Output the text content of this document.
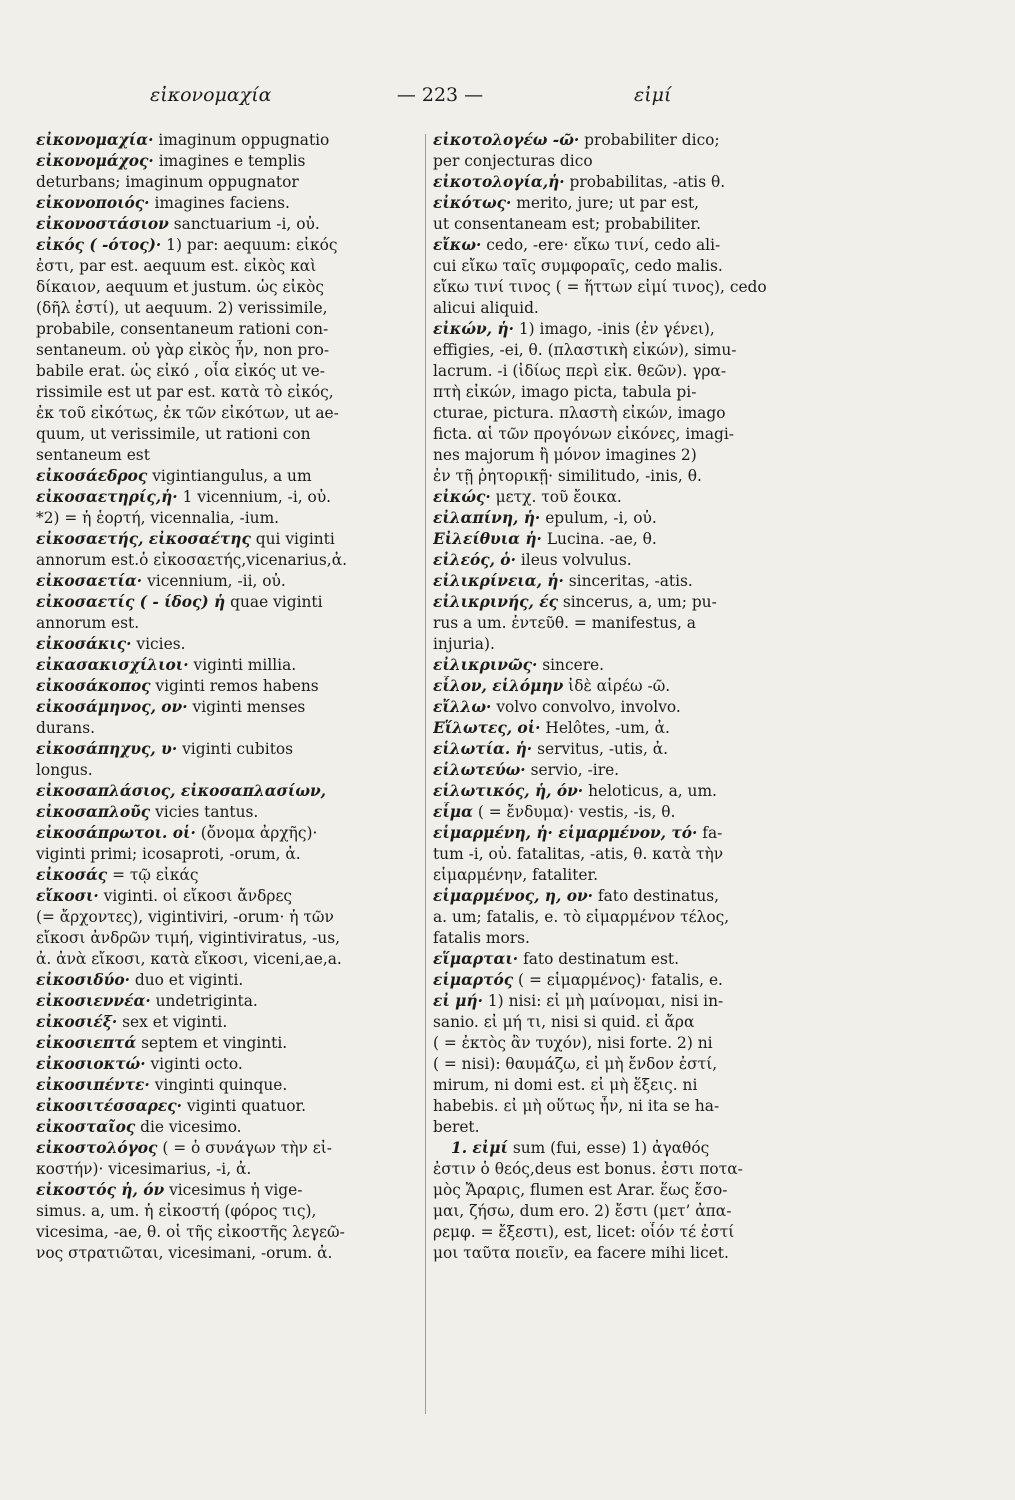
εἰκονομαχία	— 223 —	εἰμί
εἰκονομαχία· imaginum oppugnatio
εἰκονομάχος· imagines e templis
deturbans; imaginum oppugnator
εἰκονοποιός· imagines faciens.
εἰκονοστάσιον sanctuarium -i, οὐ.
εἰκός ( -ότος)· 1) par: aequum: εἰκός
ἐστι, par est. aequum est. εἰκὸς καὶ
δίκαιον, aequum et justum. ὡς εἰκὸς
(δῆλ ἐστί), ut aequum. 2) verissimile,
probabile, consentaneum rationi con-
sentaneum. οὐ γὰρ εἰκὸς ἦν, non pro-
babile erat. ὡς εἰκό , οἷα εἰκός ut ve-
rissimile est ut par est. κατὰ τὸ εἰκός,
ἐκ τοῦ εἰκότως, ἐκ τῶν εἰκότων, ut ae-
quum, ut verissimile, ut rationi con
sentaneum est
εἰκοσάεδρος vigintiangulus, a um
εἰκοσαετηρίς,ἡ· 1 vicennium, -i, οὐ.
*2) = ἡ ἑορτή, vicennalia, -ium.
εἰκοσαετής, εἰκοσαέτης qui viginti
annorum est.ὁ εἰκοσαετής,vicenarius,ἀ.
εἰκοσαετία· vicennium, -ii, οὐ.
εἰκοσαετίς ( - ίδος) ἡ quae viginti
annorum est.
εἰκοσάκις· vicies.
εἰκασακισχίλιοι· viginti millia.
εἰκοσάκοπος viginti remos habens
εἰκοσάμηνος, ον· viginti menses
durans.
εἰκοσάπηχυς, υ· viginti cubitos
longus.
εἰκοσαπλάσιος, εἰκοσαπλασίων,
εἰκοσαπλοῦς vicies tantus.
εἰκοσάπρωτοι. οἱ· (ὄνομα ἀρχῆς)·
viginti primi; icosaproti, -orum, ἀ.
εἰκοσάς = τῷ εἰκάς
εἴκοσι· viginti. οἱ εἴκοσι ἄνδρες
(= ἄρχοντες), vigintiviri, -orum· ἡ τῶν
εἴκοσι ἀνδρῶν τιμή, vigintiviratus, -us,
ἀ. ἀνὰ εἴκοσι, κατὰ εἴκοσι, viceni,ae,a.
εἰκοσιδύο· duo et viginti.
εἰκοσιεννέα· undetriginta.
εἰκοσιέξ· sex et viginti.
εἰκοσιεπτά septem et vinginti.
εἰκοσιοκτώ· viginti octo.
εἰκοσιπέντε· vinginti quinque.
εἰκοσιτέσσαρες· viginti quatuor.
εἰκοσταῖος die vicesimo.
εἰκοστολόγος ( = ὁ συνάγων τὴν εἰ-
κοστήν)· vicesimarius, -i, ἀ.
εἰκοστός ἡ, όν vicesimus ἡ vige-
simus. a, um. ἡ εἰκοστή (φόρος τις),
vicesima, -ae, θ. οἱ τῆς εἰκοστῆς λεγεῶ-
νος στρατιῶται, vicesimani, -orum. ἀ.
εἰκοτολογέω -ῶ· probabiliter dico;
per conjecturas dico
εἰκοτολογία,ἡ· probabilitas, -atis θ.
εἰκότως· merito, jure; ut par est,
ut consentaneam est; probabiliter.
εἴκω· cedo, -ere· εἴκω τινί, cedo ali-
cui εἴκω ταῖς συμφοραῖς, cedo malis.
εἴκω τινί τινος ( = ἥττων εἰμί τινος), cedo
alicui aliquid.
εἰκών, ἡ· 1) imago, -inis (ἐν γένει),
effigies, -ei, θ. (πλαστικὴ εἰκών), simu-
lacrum. -i (ἰδίως περὶ εἰκ. θεῶν). γρα-
πτὴ εἰκών, imago picta, tabula pi-
cturae, pictura. πλαστὴ εἰκών, imago
ficta. αἱ τῶν προγόνων εἰκόνες, imagi-
nes majorum ἢ μόνον imagines 2)
ἐν τῇ ῥητορικῇ· similitudo, -inis, θ.
εἰκώς· μετχ. τοῦ ἔοικα.
εἰλαπίνη, ἡ· epulum, -i, οὐ.
Εἰλείθυια ἡ· Lucina. -ae, θ.
εἰλεός, ὁ· ileus volvulus.
εἰλικρίνεια, ἡ· sinceritas, -atis.
εἰλικρινής, ές sincerus, a, um; pu-
rus a um. ἐντεῦθ. = manifestus, a
injuria).
εἰλικρινῶς· sincere.
εἷλον, εἱλόμην ἰδὲ αἱρέω -ῶ.
εἴλλω· volvo convolvo, involvo.
Εἵλωτες, οἱ· Helôtes, -um, ἀ.
εἱλωτία. ἡ· servitus, -utis, ἀ.
εἱλωτεύω· servio, -ire.
εἱλωτικός, ἡ, όν· heloticus, a, um.
εἷμα ( = ἔνδυμα)· vestis, -is, θ.
εἱμαρμένη, ἡ· εἱμαρμένον, τό· fa-
tum -i, οὐ. fatalitas, -atis, θ. κατὰ τὴν
εἱμαρμένην, fataliter.
εἱμαρμένος, η, ον· fato destinatus,
a. um; fatalis, e. τὸ εἱμαρμένον τέλος,
fatalis mors.
εἵμαρται· fato destinatum est.
εἱμαρτός ( = εἱμαρμένος)· fatalis, e.
εἰ μή· 1) nisi: εἰ μὴ μαίνομαι, nisi in-
sanio. εἰ μή τι, nisi si quid. εἰ ἄρα
( = ἐκτὸς ἂν τυχόν), nisi forte. 2) ni
( = nisi): θαυμάζω, εἰ μὴ ἔνδον ἐστί,
mirum, ni domi est. εἰ μὴ ἕξεις. ni
habebis. εἰ μὴ οὕτως ἦν, ni ita se ha-
beret.
1. εἰμί sum (fui, esse) 1) ἀγαθός
ἐστιν ὁ θεός,deus est bonus. ἐστι ποτα-
μὸς Ἄραρις, flumen est Arar. ἕως ἔσο-
μαι, ζήσω, dum ero. 2) ἔστι (μετ’ ἀπα-
ρεμφ. = ἔξεστι), est, licet: οἷόν τέ ἐστί
μοι ταῦτα ποιεῖν, ea facere mihi licet.
